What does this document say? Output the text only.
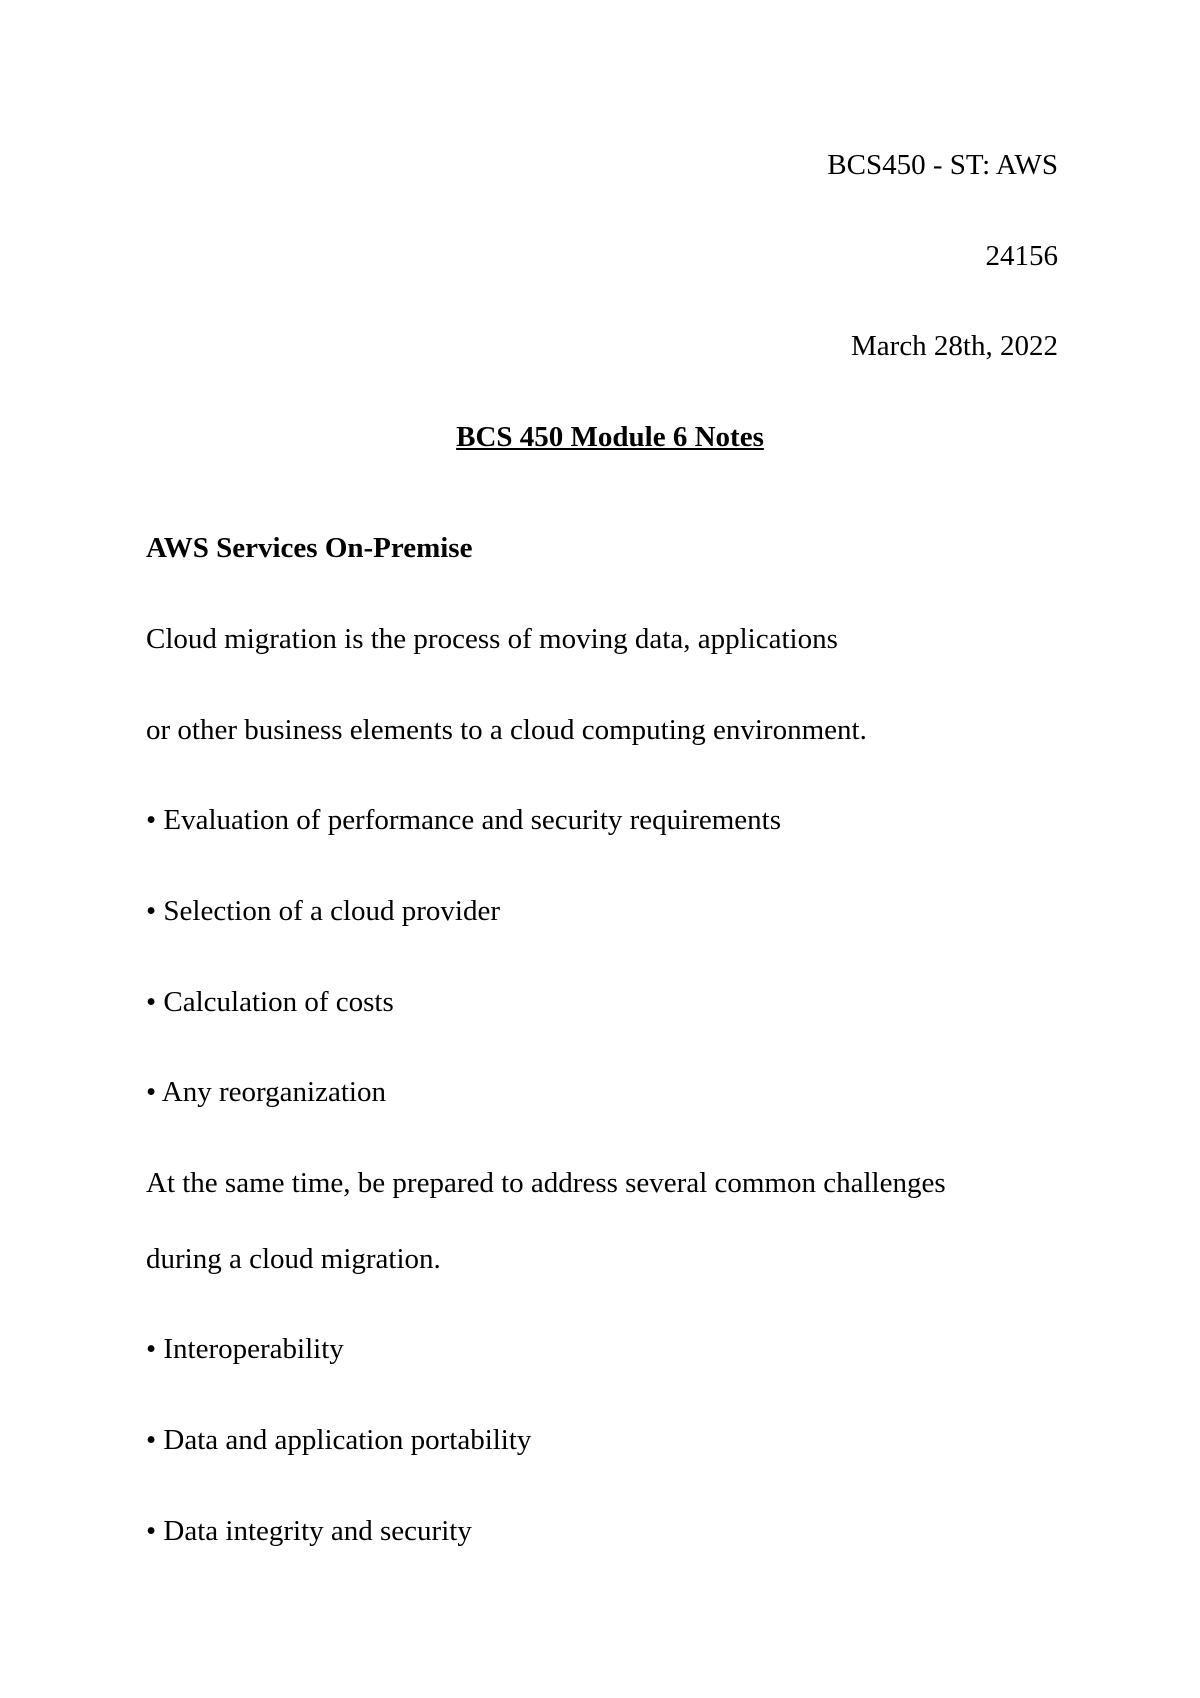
BCS450 - ST: AWS
24156
March 28th, 2022
BCS 450 Module 6 Notes
AWS Services On-Premise
Cloud migration is the process of moving data, applications
or other business elements to a cloud computing environment.
• Evaluation of performance and security requirements
• Selection of a cloud provider
• Calculation of costs
• Any reorganization
At the same time, be prepared to address several common challenges
during a cloud migration.
• Interoperability
• Data and application portability
• Data integrity and security
